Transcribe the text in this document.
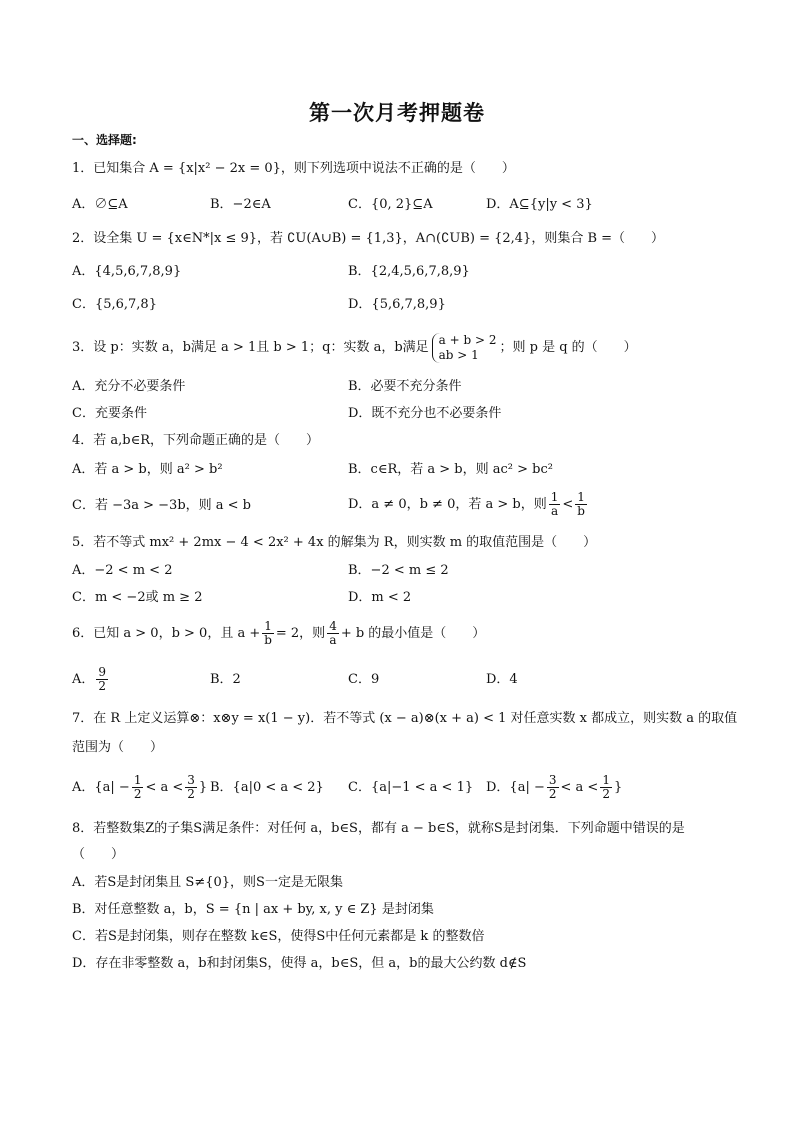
第一次月考押题卷
一、选择题:
1．已知集合 A = {x|x² − 2x = 0}，则下列选项中说法不正确的是（　　）
A．∅⊆A	B．−2∈A	C．{0, 2}⊆A	D．A⊆{y|y < 3}
2．设全集 U = {x∈N*|x ≤ 9}，若 ∁U(A∪B) = {1,3}，A∩(∁UB) = {2,4}，则集合 B =（　　）
A．{4,5,6,7,8,9}	B．{2,4,5,6,7,8,9}
C．{5,6,7,8}	D．{5,6,7,8,9}
3．设 p：实数 a，b满足 a > 1且 b > 1；q：实数 a，b满足
a + b > 2
ab > 1	；则 p 是 q 的（　　）
A．充分不必要条件	B．必要不充分条件
C．充要条件	D．既不充分也不必要条件
4．若 a,b∈R，下列命题正确的是（　　）
A．若 a > b，则 a² > b²	B．c∈R，若 a > b，则 ac² > bc²
C．若 −3a > −3b，则 a < b	D．a ≠ 0，b ≠ 0，若 a > b，则 $\frac{1}{a} < \frac{1}{b}$
5．若不等式 mx² + 2mx − 4 < 2x² + 4x 的解集为 R，则实数 m 的取值范围是（　　）
A．−2 < m < 2	B．−2 < m ≤ 2
C．m < −2或 m ≥ 2	D．m < 2
6．已知 a > 0，b > 0，且 $a + \frac{1}{b} = 2$，则 $\frac{4}{a} + b$ 的最小值是（　　）
A． $\frac{9}{2}$	B．2	C．9	D．4
7．在 R 上定义运算⊗：x⊗y = x(1 − y)．若不等式 (x − a)⊗(x + a) < 1 对任意实数 x 都成立，则实数 a 的取值
范围为（　　）
A．{$a| - \frac{1}{2} < a < \frac{3}{2}$ } B．{a|0 < a < 2} C．{a|−1 < a < 1} D．{$a| - \frac{3}{2} < a < \frac{1}{2}$ }
8．若整数集Z的子集S满足条件：对任何 a，b∈S，都有 a − b∈S，就称S是封闭集．下列命题中错误的是
（　　）
A．若S是封闭集且 S≠{0}，则S一定是无限集
B．对任意整数 a，b，S = {n | ax + by, x, y ∈ Z} 是封闭集
C．若S是封闭集，则存在整数 k∈S，使得S中任何元素都是 k 的整数倍
D．存在非零整数 a，b和封闭集S，使得 a，b∈S，但 a，b的最大公约数 d∉S
